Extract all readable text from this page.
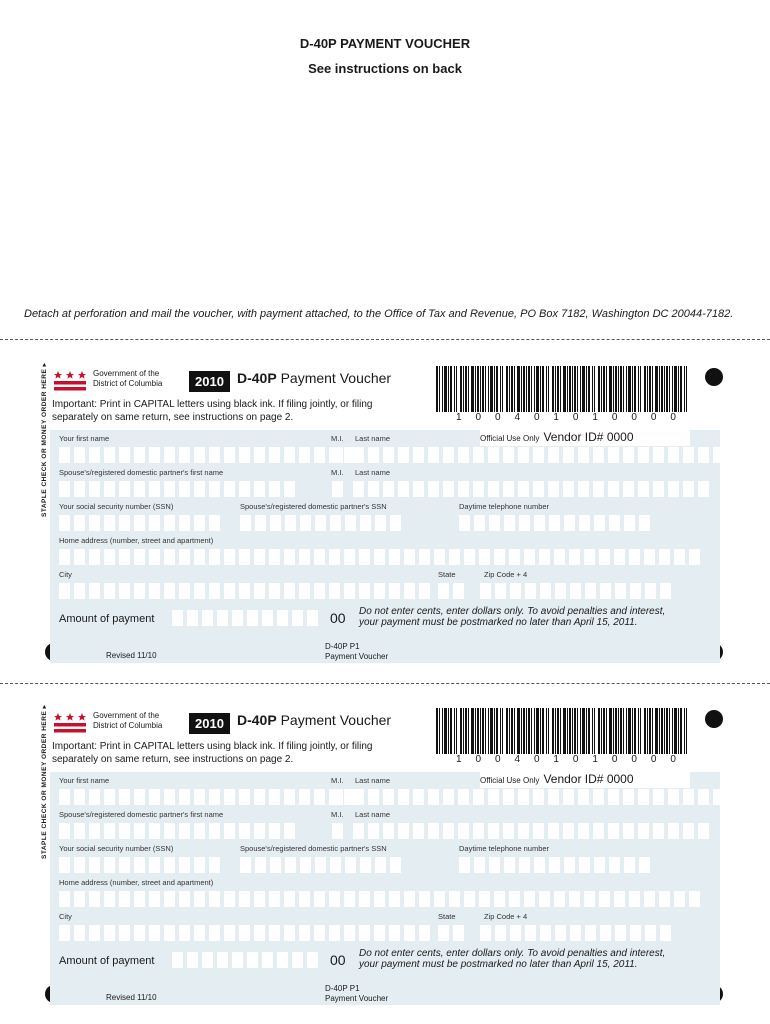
D-40P PAYMENT VOUCHER
See instructions on back
Detach at perforation and mail the voucher, with payment attached, to the Office of Tax and Revenue, PO Box 7182, Washington DC 20044-7182.
Government of the
District of Columbia	2010 D-40P Payment Voucher
1 0 0 4 0 1 0 1 0 0 0 0
Important: Print in CAPITAL letters using black ink. If filing jointly, or filing
separately on same return, see instructions on page 2.
Your first name	M.I. Last name	Official Use Only Vendor ID# 0000
Spouse's/registered domestic partner's first name	M.I. Last name
Your social security number (SSN)	Spouse's/registered domestic partner's SSN	Daytime telephone number
Home address (number, street and apartment)
City	State	Zip Code + 4
Amount of payment	00 Do not enter cents, enter dollars only. To avoid penalties and interest,
your payment must be postmarked no later than April 15, 2011.
STAPLE CHECK OR MONEY ORDER HERE ▸
Revised 11/10
D-40P P1
Payment Voucher
Government of the
District of Columbia	2010 D-40P Payment Voucher
1 0 0 4 0 1 0 1 0 0 0 0
Important: Print in CAPITAL letters using black ink. If filing jointly, or filing
separately on same return, see instructions on page 2.
Your first name	M.I. Last name	Official Use Only Vendor ID# 0000
Spouse's/registered domestic partner's first name	M.I. Last name
Your social security number (SSN)	Spouse's/registered domestic partner's SSN	Daytime telephone number
Home address (number, street and apartment)
City	State	Zip Code + 4
Amount of payment	00 Do not enter cents, enter dollars only. To avoid penalties and interest,
your payment must be postmarked no later than April 15, 2011.
STAPLE CHECK OR MONEY ORDER HERE ▸
Revised 11/10
D-40P P1
Payment Voucher
